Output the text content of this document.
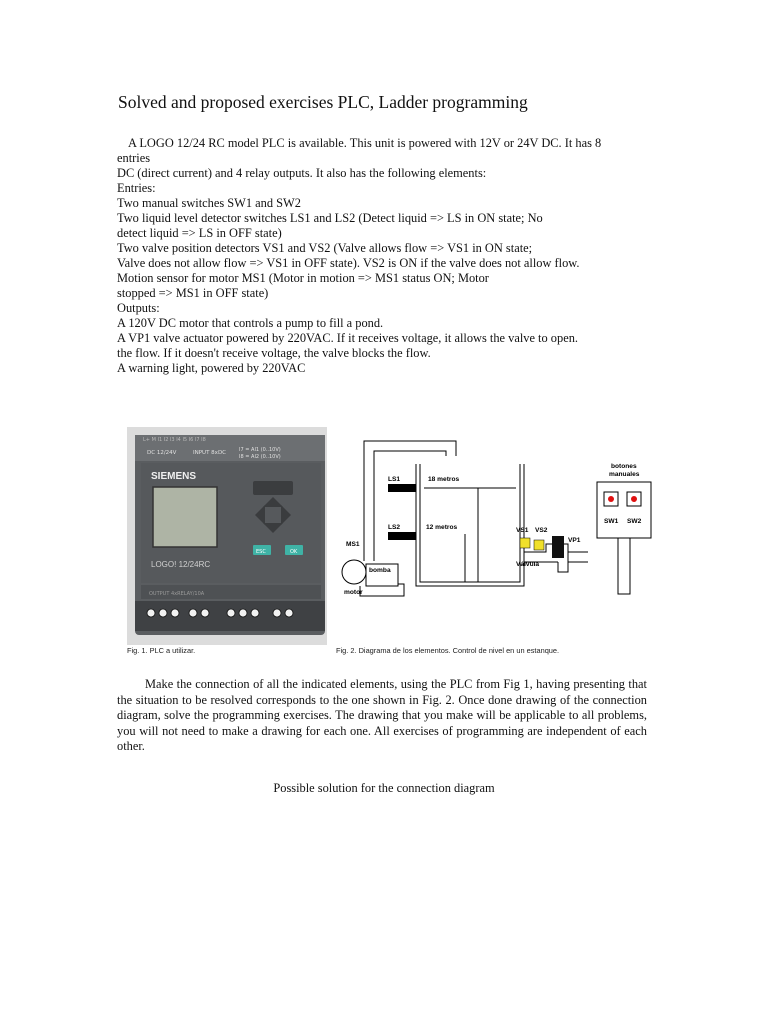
Solved and proposed exercises PLC, Ladder programming
A LOGO 12/24 RC model PLC is available. This unit is powered with 12V or 24V DC. It has 8
entries
DC (direct current) and 4 relay outputs. It also has the following elements:
Entries:
Two manual switches SW1 and SW2
Two liquid level detector switches LS1 and LS2 (Detect liquid => LS in ON state; No
detect liquid => LS in OFF state)
Two valve position detectors VS1 and VS2 (Valve allows flow => VS1 in ON state;
Valve does not allow flow => VS1 in OFF state). VS2 is ON if the valve does not allow flow.
Motion sensor for motor MS1 (Motor in motion => MS1 status ON; Motor
stopped => MS1 in OFF state)
Outputs:
A 120V DC motor that controls a pump to fill a pond.
A VP1 valve actuator powered by 220VAC. If it receives voltage, it allows the valve to open.
the flow. If it doesn't receive voltage, the valve blocks the flow.
A warning light, powered by 220VAC
L+ M I1 I2 I3 I4 I5 I6 I7 I8
DC 12/24V	INPUT 8xDC	I7 = AI1 (0..10V)
I8 = AI2 (0..10V)
SIEMENS
ESC	OK
LOGO! 12/24RC
OUTPUT 4xRELAY/10A
Fig. 1. PLC a utilizar.
LS1	18 metros
LS2	12 metros
MS1
bomba
motor
VS1 VS2
VP1
Válvula
botones
manuales
SW1 SW2
Fig. 2. Diagrama de los elementos. Control de nivel en un estanque.
Make the connection of all the indicated elements, using the PLC from Fig 1, having presenting that the situation to be resolved corresponds to the one shown in Fig. 2. Once done drawing of the connection diagram, solve the programming exercises. The drawing that you make will be applicable to all problems, you will not need to make a drawing for each one. All exercises of programming are independent of each other.
Possible solution for the connection diagram
